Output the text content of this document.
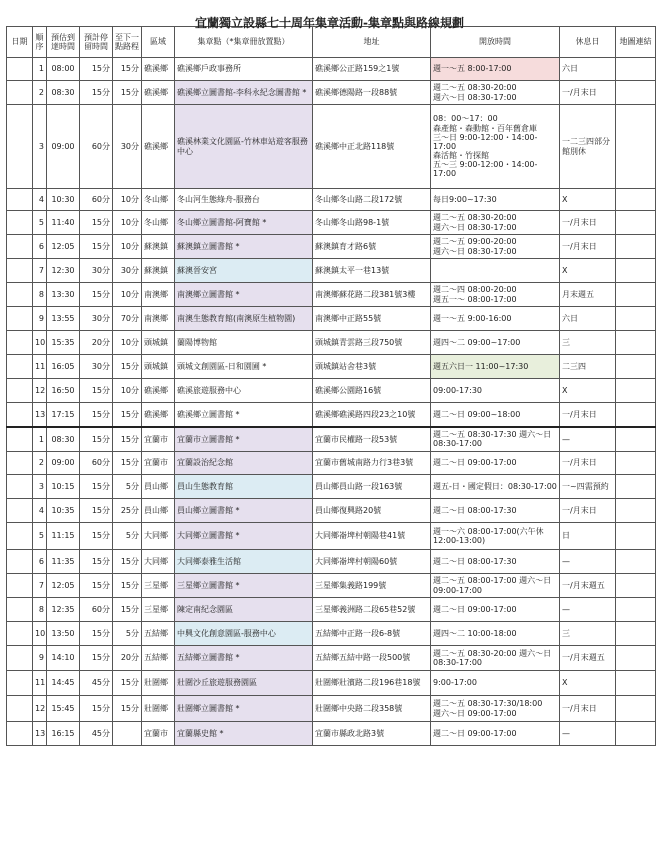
宜蘭獨立設縣七十周年集章活動-集章點與路線規劃
日期	順序	預估到達時間	預計停留時間	至下一點路程	區域	集章點（*集章冊放置點）	地址	開放時間	休息日	地圖連結
	1	08:00	15分	15分	礁溪鄉	礁溪鄉戶政事務所	礁溪鄉公正路159之1號	週一～五 8:00-17:00	六日	
	2	08:30	15分	15分	礁溪鄉	礁溪鄉立圖書館-李科永紀念圖書館 *	礁溪鄉德陽路一段88號	週二～五 08:30-20:00
週六～日 08:30-17:00	一/月末日	
	3	09:00	60分	30分	礁溪鄉	礁溪林業文化園區-竹林車站遊客服務中心	礁溪鄉中正北路118號	08：00～17：00
森產館・森動館・百年舊倉庫
三～日 9:00-12:00・14:00-17:00
森活館・竹探館
五～三 9:00-12:00・14:00-17:00	一二三四部分館別休	
	4	10:30	60分	10分	冬山鄉	冬山河生態綠舟-服務台	冬山鄉冬山路二段172號	每日9:00~17:30	X	
	5	11:40	15分	10分	冬山鄉	冬山鄉立圖書館-阿寶館 *	冬山鄉冬山路98-1號	週二～五 08:30-20:00
週六～日 08:30-17:00	一/月末日	
	6	12:05	15分	10分	蘇澳鎮	蘇澳鎮立圖書館 *	蘇澳鎮育才路6號	週二～五 09:00-20:00
週六～日 08:30-17:00	一/月末日	
	7	12:30	30分	30分	蘇澳鎮	蘇澳晉安宮	蘇澳鎮太平一巷13號		X	
	8	13:30	15分	10分	南澳鄉	南澳鄉立圖書館 *	南澳鄉蘇花路二段381號3樓	週二～四 08:00-20:00
週五一～ 08:00-17:00	月末週五	
	9	13:55	30分	70分	南澳鄉	南澳生態教育館(南澳原生植物園)	南澳鄉中正路55號	週一～五 9:00-16:00	六日	
	10	15:35	20分	10分	頭城鎮	蘭陽博物館	頭城鎮青雲路三段750號	週四～二 09:00~17:00	三	
	11	16:05	30分	15分	頭城鎮	頭城文創園區-日和園圃 *	頭城鎮站舍巷3號	週五六日一 11:00~17:30	二三四	
	12	16:50	15分	10分	礁溪鄉	礁溪旅遊服務中心	礁溪鄉公園路16號	09:00-17:30	X	
	13	17:15	15分	15分	礁溪鄉	礁溪鄉立圖書館 *	礁溪鄉礁溪路四段23之10號	週二～日 09:00~18:00	一/月末日	
	1	08:30	15分	15分	宜蘭市	宜蘭市立圖書館 *	宜蘭市民權路一段53號	週二～五 08:30-17:30 週六～日 08:30-17:00	—	
	2	09:00	60分	15分	宜蘭市	宜蘭設治紀念館	宜蘭市舊城南路力行3巷3號	週二～日 09:00-17:00	一/月末日	
	3	10:15	15分	5分	員山鄉	員山生態教育館	員山鄉員山路一段163號	週五-日・國定假日：08:30-17:00	一~四需預約	
	4	10:35	15分	25分	員山鄉	員山鄉立圖書館 *	員山鄉復興路20號	週二～日 08:00-17:30	一/月末日	
	5	11:15	15分	5分	大同鄉	大同鄉立圖書館 *	大同鄉崙埤村朝陽巷41號	週一～六 08:00-17:00(六午休12:00-13:00)	日	
	6	11:35	15分	15分	大同鄉	大同鄉泰雅生活館	大同鄉崙埤村朝陽60號	週二～日 08:00-17:30	—	
	7	12:05	15分	15分	三星鄉	三星鄉立圖書館 *	三星鄉集義路199號	週二～五 08:00-17:00 週六～日 09:00-17:00	一/月末週五	
	8	12:35	60分	15分	三星鄉	陳定南紀念園區	三星鄉義洲路二段65巷52號	週二～日 09:00-17:00	—	
	10	13:50	15分	5分	五結鄉	中興文化創意園區-服務中心	五結鄉中正路一段6-8號	週四～二 10:00-18:00	三	
	9	14:10	15分	20分	五結鄉	五結鄉立圖書館 *	五結鄉五結中路一段500號	週二～五 08:30-20:00 週六～日 08:30-17:00	一/月末週五	
	11	14:45	45分	15分	壯圍鄉	壯圍沙丘旅遊服務園區	壯圍鄉壯濱路二段196巷18號	9:00-17:00	X	
	12	15:45	15分	15分	壯圍鄉	壯圍鄉立圖書館 *	壯圍鄉中央路二段358號	週二～五 08:30-17:30/18:00
週六～日 09:00-17:00	一/月末日	
	13	16:15	45分		宜蘭市	宜蘭縣史館 *	宜蘭市縣政北路3號	週二～日 09:00-17:00	—	
